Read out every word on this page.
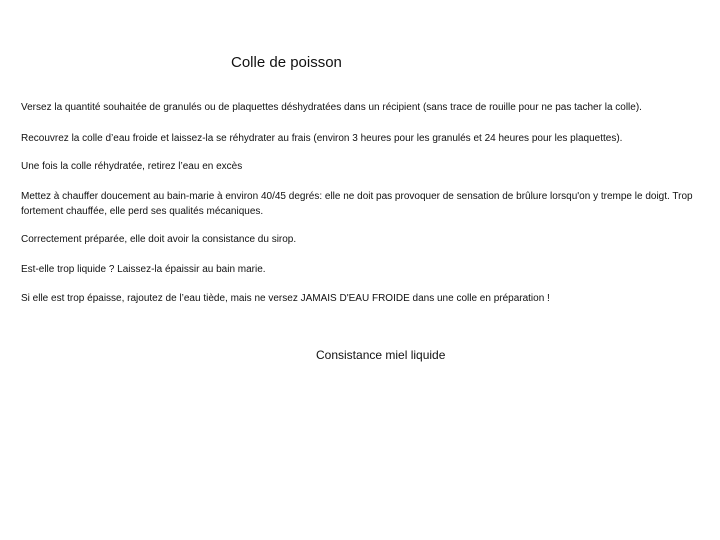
Colle de poisson

Versez la quantité souhaitée de granulés ou de plaquettes déshydratées dans un récipient (sans trace de rouille pour ne pas tacher la colle).

Recouvrez la colle d’eau froide et laissez-la se réhydrater au frais (environ 3 heures pour les granulés et 24 heures pour les plaquettes).

Une fois la colle réhydratée, retirez l’eau en excès

Mettez à chauffer doucement au bain-marie à environ 40/45 degrés: elle ne doit pas provoquer de sensation de brûlure lorsqu'on y trempe le doigt. Trop fortement chauffée, elle perd ses qualités mécaniques.

Correctement préparée, elle doit avoir la consistance du sirop.

Est-elle trop liquide ? Laissez-la épaissir au bain marie.

Si elle est trop épaisse, rajoutez de l’eau tiède, mais ne versez JAMAIS D'EAU FROIDE dans une colle en préparation !

Consistance miel liquide
